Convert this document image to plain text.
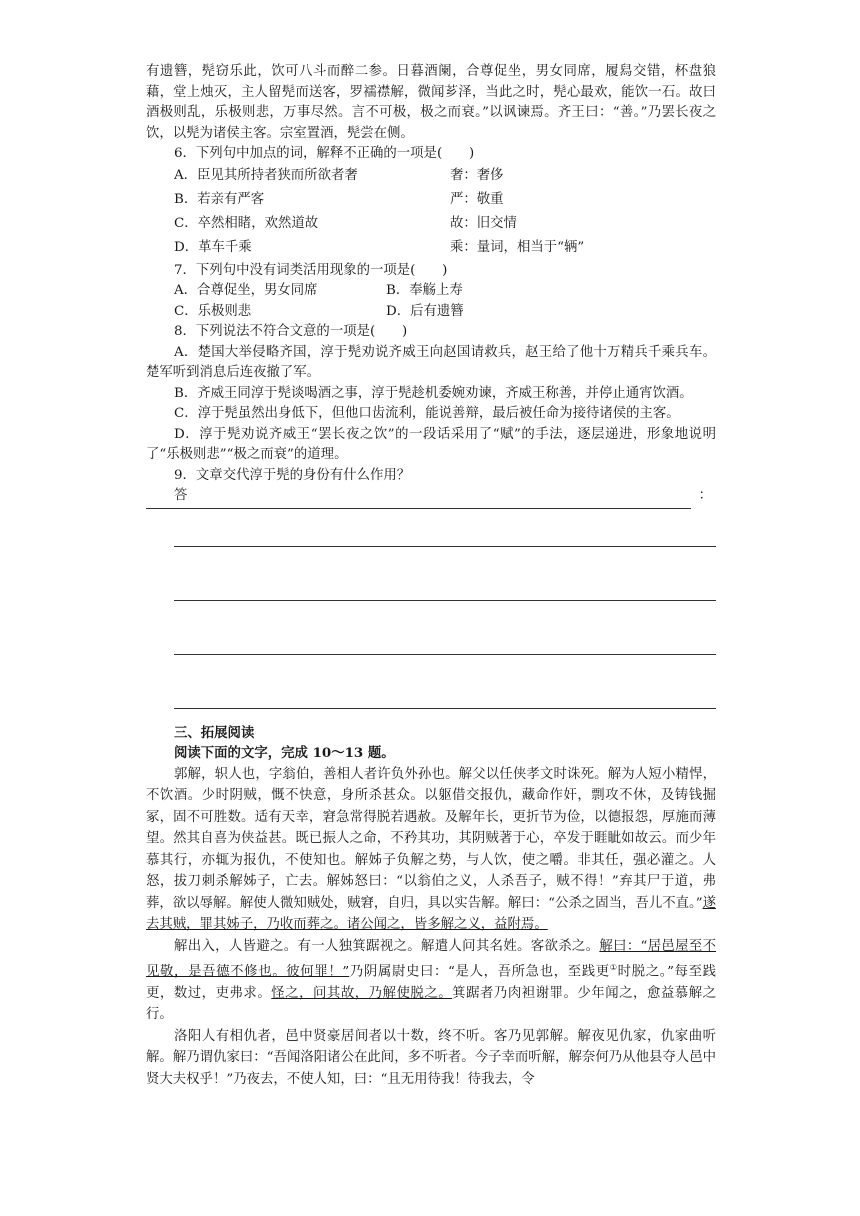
有遗簪，髡窃乐此，饮可八斗而醉二参。日暮酒阑，合尊促坐，男女同席，履舄交错，杯盘狼藉，堂上烛灭，主人留髡而送客，罗襦襟解，微闻芗泽，当此之时，髡心最欢，能饮一石。故曰酒极则乱，乐极则悲，万事尽然。言不可极，极之而衰。”以讽谏焉。齐王曰：“善。”乃罢长夜之饮，以髡为诸侯主客。宗室置酒，髡尝在侧。

6．下列句中加点的词，解释不正确的一项是(　　)

A．臣见其所持者狭而所欲者奢	奢：奢侈
B．若亲有严客	严：敬重
C．卒然相睹，欢然道故	故：旧交情
D．革车千乘	乘：量词，相当于“辆”

7．下列句中没有词类活用现象的一项是(　　)

A．合尊促坐，男女同席	B．奉觞上寿
C．乐极则悲	D．后有遗簪

8．下列说法不符合文意的一项是(　　)

A．楚国大举侵略齐国，淳于髡劝说齐威王向赵国请救兵，赵王给了他十万精兵千乘兵车。楚军听到消息后连夜撤了军。

B．齐威王同淳于髡谈喝酒之事，淳于髡趁机委婉劝谏，齐威王称善，并停止通宵饮酒。

C．淳于髡虽然出身低下，但他口齿流利，能说善辩，最后被任命为接待诸侯的主客。

D．淳于髡劝说齐威王“罢长夜之饮”的一段话采用了“赋”的手法，逐层递进，形象地说明了“乐极则悲”“极之而衰”的道理。

9．文章交代淳于髡的身份有什么作用？

答	：

三、拓展阅读

阅读下面的文字，完成 10～13 题。

郭解，轵人也，字翁伯，善相人者许负外孙也。解父以任侠孝文时诛死。解为人短小精悍，不饮酒。少时阴贼，慨不快意，身所杀甚众。以躯借交报仇，藏命作奸，剽攻不休，及铸钱掘冢，固不可胜数。适有天幸，窘急常得脱若遇赦。及解年长，更折节为俭，以德报怨，厚施而薄望。然其自喜为侠益甚。既已振人之命，不矜其功，其阴贼著于心，卒发于睚眦如故云。而少年慕其行，亦辄为报仇，不使知也。解姊子负解之势，与人饮，使之嚼。非其任，强必灌之。人怒，拔刀刺杀解姊子，亡去。解姊怒曰：“以翁伯之义，人杀吾子，贼不得！”弃其尸于道，弗葬，欲以辱解。解使人微知贼处，贼窘，自归，具以实告解。解曰：“公杀之固当，吾儿不直。”遂去其贼，罪其姊子，乃收而葬之。诸公闻之，皆多解之义，益附焉。

解出入，人皆避之。有一人独箕踞视之。解遣人问其名姓。客欲杀之。解曰：“居邑屋至不见敬，是吾德不修也。彼何罪！”乃阴属尉史曰：“是人，吾所急也，至践更①时脱之。”每至践更，数过，吏弗求。怪之，问其故，乃解使脱之。箕踞者乃肉袒谢罪。少年闻之，愈益慕解之行。

洛阳人有相仇者，邑中贤豪居间者以十数，终不听。客乃见郭解。解夜见仇家，仇家曲听解。解乃谓仇家曰：“吾闻洛阳诸公在此间，多不听者。今子幸而听解，解奈何乃从他县夺人邑中贤大夫权乎！”乃夜去，不使人知，曰：“且无用待我！待我去，令
